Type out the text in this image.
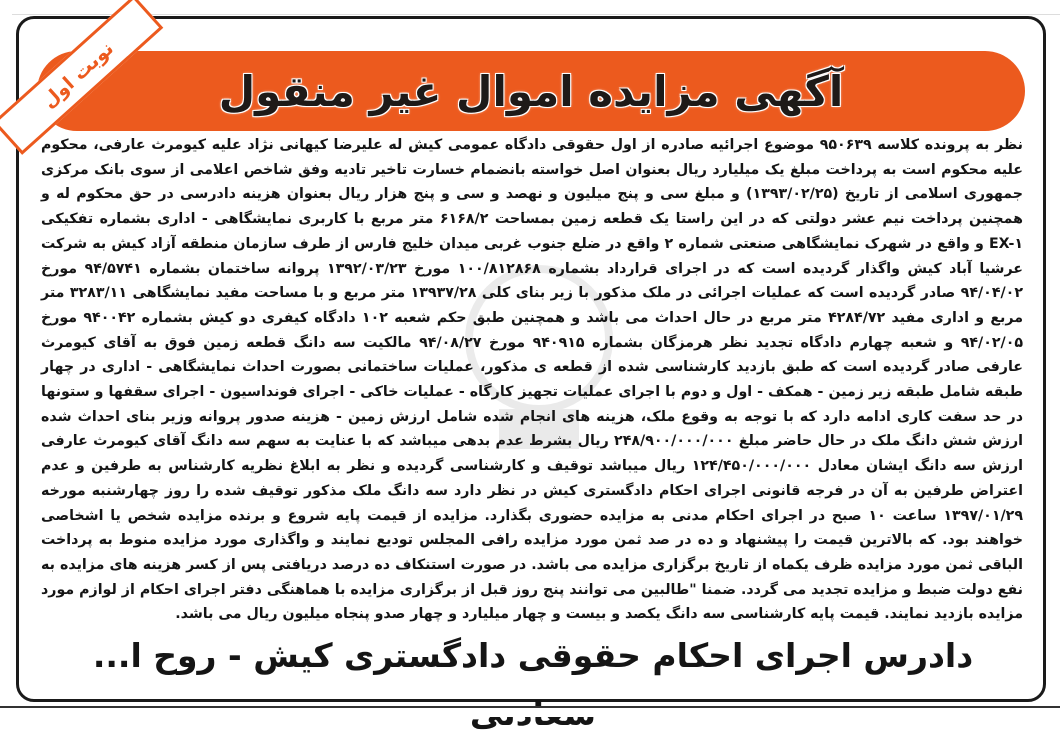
آگهی مزایده اموال غیر منقول
نوبت اول

نظر به پرونده کلاسه ۹۵۰۶۳۹ موضوع اجرائیه صادره از اول حقوقی دادگاه عمومی کیش له علیرضا کیهانی نژاد علیه کیومرث عارفی، محکوم علیه محکوم است به پرداخت مبلغ یک میلیارد ریال بعنوان اصل خواسته بانضمام خسارت تاخیر تادیه وفق شاخص اعلامی از سوی بانک مرکزی جمهوری اسلامی از تاریخ (۱۳۹۳/۰۲/۲۵) و مبلغ سی و پنج میلیون و نهصد و سی و پنج هزار ریال بعنوان هزینه دادرسی در حق محکوم له و همچنین پرداخت نیم عشر دولتی که در این راستا یک قطعه زمین بمساحت ۶۱۶۸/۲ متر مربع با کاربری نمایشگاهی - اداری بشماره تفکیکی EX-۱ و واقع در شهرک نمایشگاهی صنعتی شماره ۲ واقع در ضلع جنوب غربی میدان خلیج فارس از طرف سازمان منطقه آزاد کیش به شرکت عرشیا آباد کیش واگذار گردیده است که در اجرای قرارداد بشماره ۱۰۰/۸۱۲۸۶۸ مورخ ۱۳۹۲/۰۳/۲۳ پروانه ساختمان بشماره ۹۴/۵۷۴۱ مورخ ۹۴/۰۴/۰۲ صادر گردیده است که عملیات اجرائی در ملک مذکور با زیر بنای کلی ۱۳۹۳۷/۲۸ متر مربع و با مساحت مفید نمایشگاهی ۳۲۸۳/۱۱ متر مربع و اداری مفید ۴۲۸۴/۷۲ متر مربع در حال احداث می باشد و همچنین طبق حکم شعبه ۱۰۲ دادگاه کیفری دو کیش بشماره ۹۴۰۰۴۲ مورخ ۹۴/۰۲/۰۵ و شعبه چهارم دادگاه تجدید نظر هرمزگان بشماره ۹۴۰۹۱۵ مورخ ۹۴/۰۸/۲۷ مالکیت سه دانگ قطعه زمین فوق به آقای کیومرث عارفی صادر گردیده است که طبق بازدید کارشناسی شده از قطعه ی مذکور، عملیات ساختمانی بصورت احداث نمایشگاهی - اداری در چهار طبقه شامل طبقه زیر زمین - همکف - اول و دوم با اجرای عملیات تجهیز کارگاه - عملیات خاکی - اجرای فونداسیون - اجرای سقفها و ستونها در حد سفت کاری ادامه دارد که با توجه به وقوع ملک، هزینه های انجام شده شامل ارزش زمین - هزینه صدور پروانه وزیر بنای احداث شده ارزش شش دانگ ملک در حال حاضر مبلغ ۲۴۸/۹۰۰/۰۰۰/۰۰۰ ریال بشرط عدم بدهی میباشد که با عنایت به سهم سه دانگ آقای کیومرث عارفی ارزش سه دانگ ایشان معادل ۱۲۴/۴۵۰/۰۰۰/۰۰۰ ریال میباشد توقیف و کارشناسی گردیده و نظر به ابلاغ نظریه کارشناس به طرفین و عدم اعتراض طرفین به آن در فرجه قانونی اجرای احکام دادگستری کیش در نظر دارد سه دانگ ملک مذکور توقیف شده را روز چهارشنبه مورخه ۱۳۹۷/۰۱/۲۹ ساعت ۱۰ صبح در اجرای احکام مدنی به مزایده حضوری بگذارد. مزایده از قیمت پایه شروع و برنده مزایده شخص یا اشخاصی خواهند بود. که بالاترین قیمت را پیشنهاد و ده در صد ثمن مورد مزایده رافی المجلس تودیع نمایند و واگذاری مورد مزایده منوط به پرداخت الباقی ثمن مورد مزایده ظرف یکماه از تاریخ برگزاری مزایده می باشد. در صورت استنکاف ده درصد دریافتی پس از کسر هزینه های مزایده به نفع دولت ضبط و مزایده تجدید می گردد. ضمنا "طالبین می توانند پنج روز قبل از برگزاری مزایده با هماهنگی دفتر اجرای احکام از لوازم مورد مزایده بازدید نمایند. قیمت پایه کارشناسی سه دانگ یکصد و بیست و چهار میلیارد و چهار صدو پنجاه میلیون ریال می باشد.

دادرس اجرای احکام حقوقی دادگستری کیش - روح ا...
